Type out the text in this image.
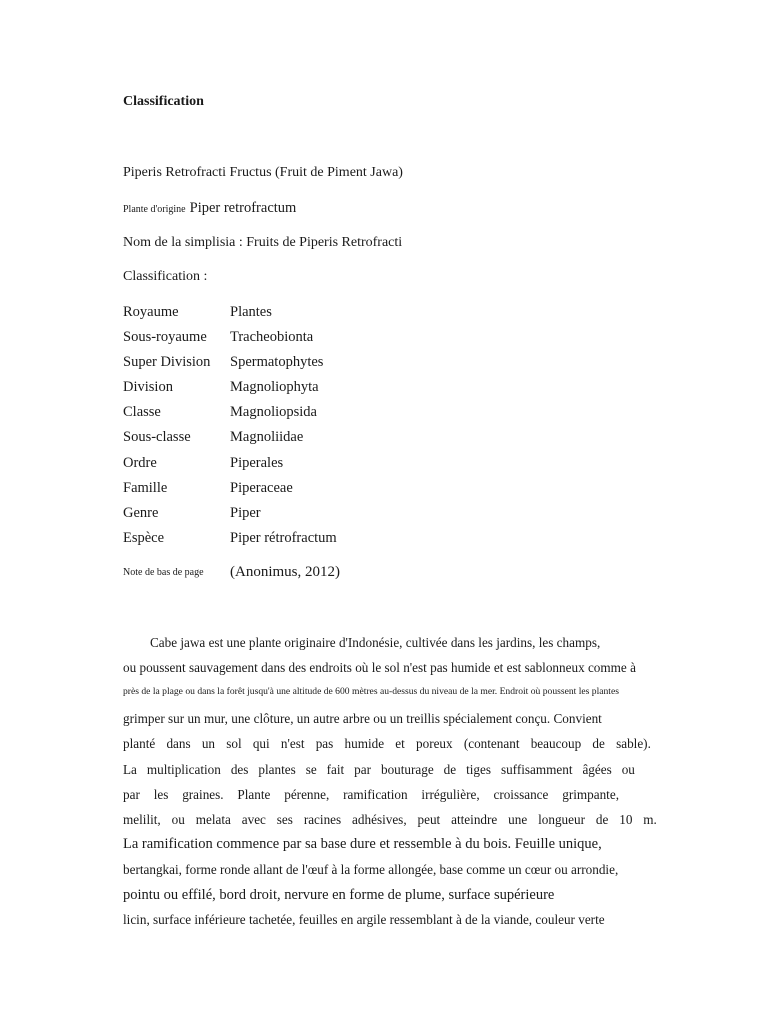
Classification
Piperis Retrofracti Fructus (Fruit de Piment Jawa)
Plante d'origine Piper retrofractum
Nom de la simplisia : Fruits de Piperis Retrofracti
Classification :
Royaume	Plantes
Sous-royaume Tracheobionta
Super Division Spermatophytes
Division	Magnoliophyta
Classe	Magnoliopsida
Sous-classe	Magnoliidae
Ordre	Piperales
Famille	Piperaceae
Genre	Piper
Espèce	Piper rétrofractum
Note de bas de page (Anonimus, 2012)
Cabe jawa est une plante originaire d'Indonésie, cultivée dans les jardins, les champs,
ou poussent sauvagement dans des endroits où le sol n'est pas humide et est sablonneux comme à
près de la plage ou dans la forêt jusqu'à une altitude de 600 mètres au-dessus du niveau de la mer. Endroit où poussent les plantes
grimper sur un mur, une clôture, un autre arbre ou un treillis spécialement conçu. Convient
planté dans un sol qui n'est pas humide et poreux (contenant beaucoup de sable).
La multiplication des plantes se fait par bouturage de tiges suffisamment âgées ou
par les graines. Plante pérenne, ramification irrégulière, croissance grimpante,
melilit, ou melata avec ses racines adhésives, peut atteindre une longueur de 10 m.
La ramification commence par sa base dure et ressemble à du bois. Feuille unique,
bertangkai, forme ronde allant de l'œuf à la forme allongée, base comme un cœur ou arrondie,
pointu ou effilé, bord droit, nervure en forme de plume, surface supérieure
licin, surface inférieure tachetée, feuilles en argile ressemblant à de la viande, couleur verte
